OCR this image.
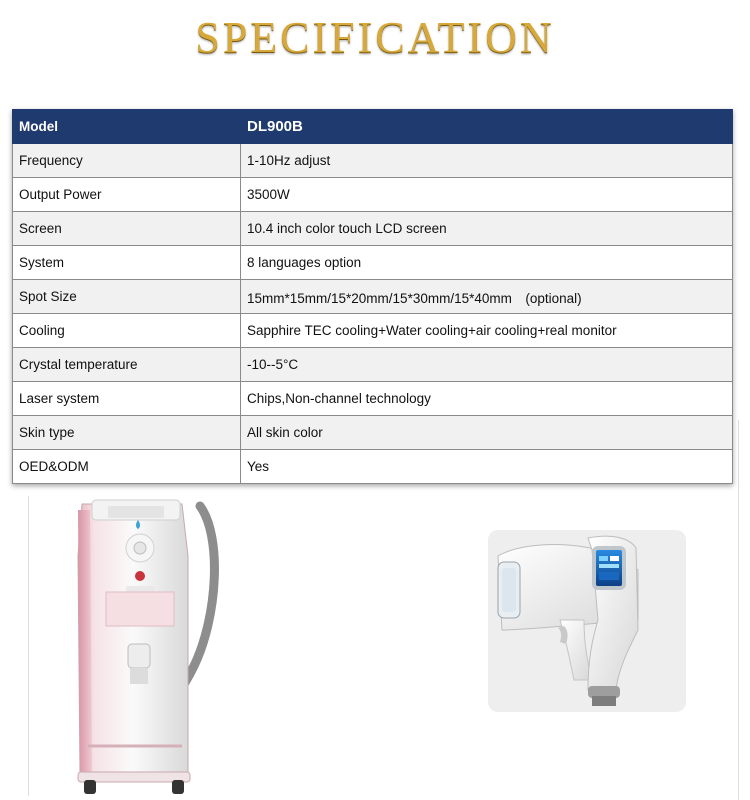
SPECIFICATION
Model	DL900B
Frequency	1-10Hz adjust
Output Power	3500W
Screen	10.4 inch color touch LCD screen
System	8 languages option
Spot Size	15mm*15mm/15*20mm/15*30mm/15*40mm　(optional)
Cooling	Sapphire TEC cooling+Water cooling+air cooling+real monitor
Crystal temperature	-10--5°C
Laser system	Chips,Non-channel technology
Skin type	All skin color
OED&ODM	Yes
